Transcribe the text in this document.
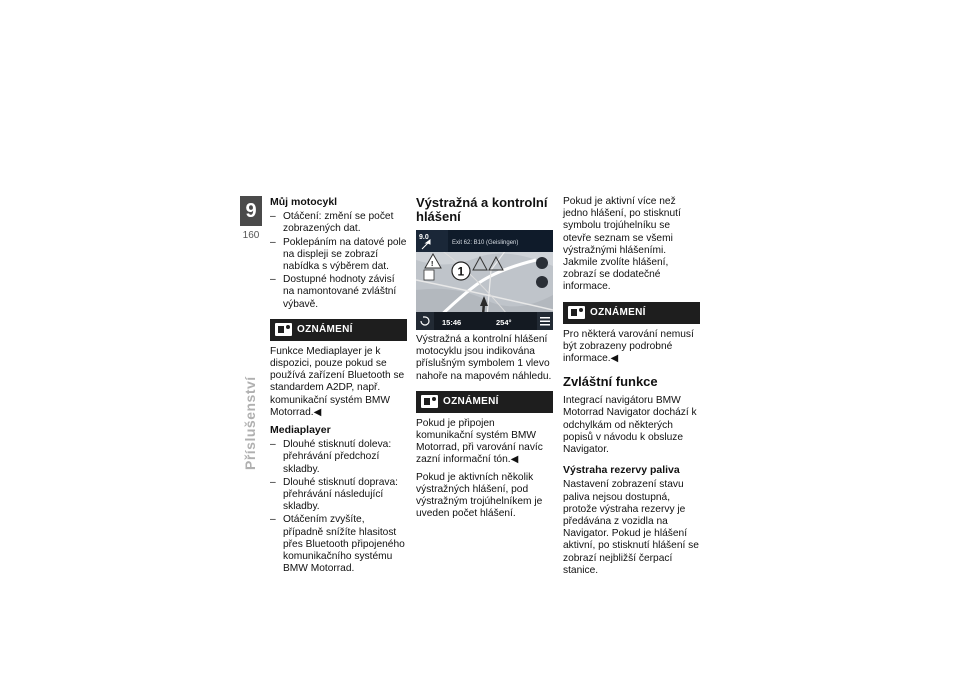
9
160
Příslušenství
Můj motocykl
– Otáčení: změní se počet zobrazených dat.
– Poklepáním na datové pole na displeji se zobrazí nabídka s výběrem dat.
– Dostupné hodnoty závisí na namontované zvláštní výbavě.
OZNÁMENÍ

Funkce Mediaplayer je k dispozici, pouze pokud se používá zařízení Bluetooth se standardem A2DP, např. komunikační systém BMW Motorrad.◀

Mediaplayer
– Dlouhé stisknutí doleva: přehrávání předchozí skladby.
– Dlouhé stisknutí doprava: přehrávání následující skladby.
– Otáčením zvyšíte, případně snížíte hlasitost přes Bluetooth připojeného komunikačního systému BMW Motorrad.
Výstražná a kontrolní hlášení
9.0
Exit 62: B10 (Geislingen)
! 1
15:46	254°

Výstražná a kontrolní hlášení motocyklu jsou indikována příslušným symbolem 1 vlevo nahoře na mapovém náhledu.

OZNÁMENÍ

Pokud je připojen komunikační systém BMW Motorrad, při varování navíc zazní informační tón.◀

Pokud je aktivních několik výstražných hlášení, pod výstražným trojúhelníkem je uveden počet hlášení.

Pokud je aktivní více než jedno hlášení, po stisknutí symbolu trojúhelníku se otevře seznam se všemi výstražnými hlášeními. Jakmile zvolíte hlášení, zobrazí se dodatečné informace.

OZNÁMENÍ

Pro některá varování nemusí být zobrazeny podrobné informace.◀

Zvláštní funkce

Integrací navigátoru BMW Motorrad Navigator dochází k odchylkám od některých popisů v návodu k obsluze Navigator.

Výstraha rezervy paliva

Nastavení zobrazení stavu paliva nejsou dostupná, protože výstraha rezervy je předávána z vozidla na Navigator. Pokud je hlášení aktivní, po stisknutí hlášení se zobrazí nejbližší čerpací stanice.
